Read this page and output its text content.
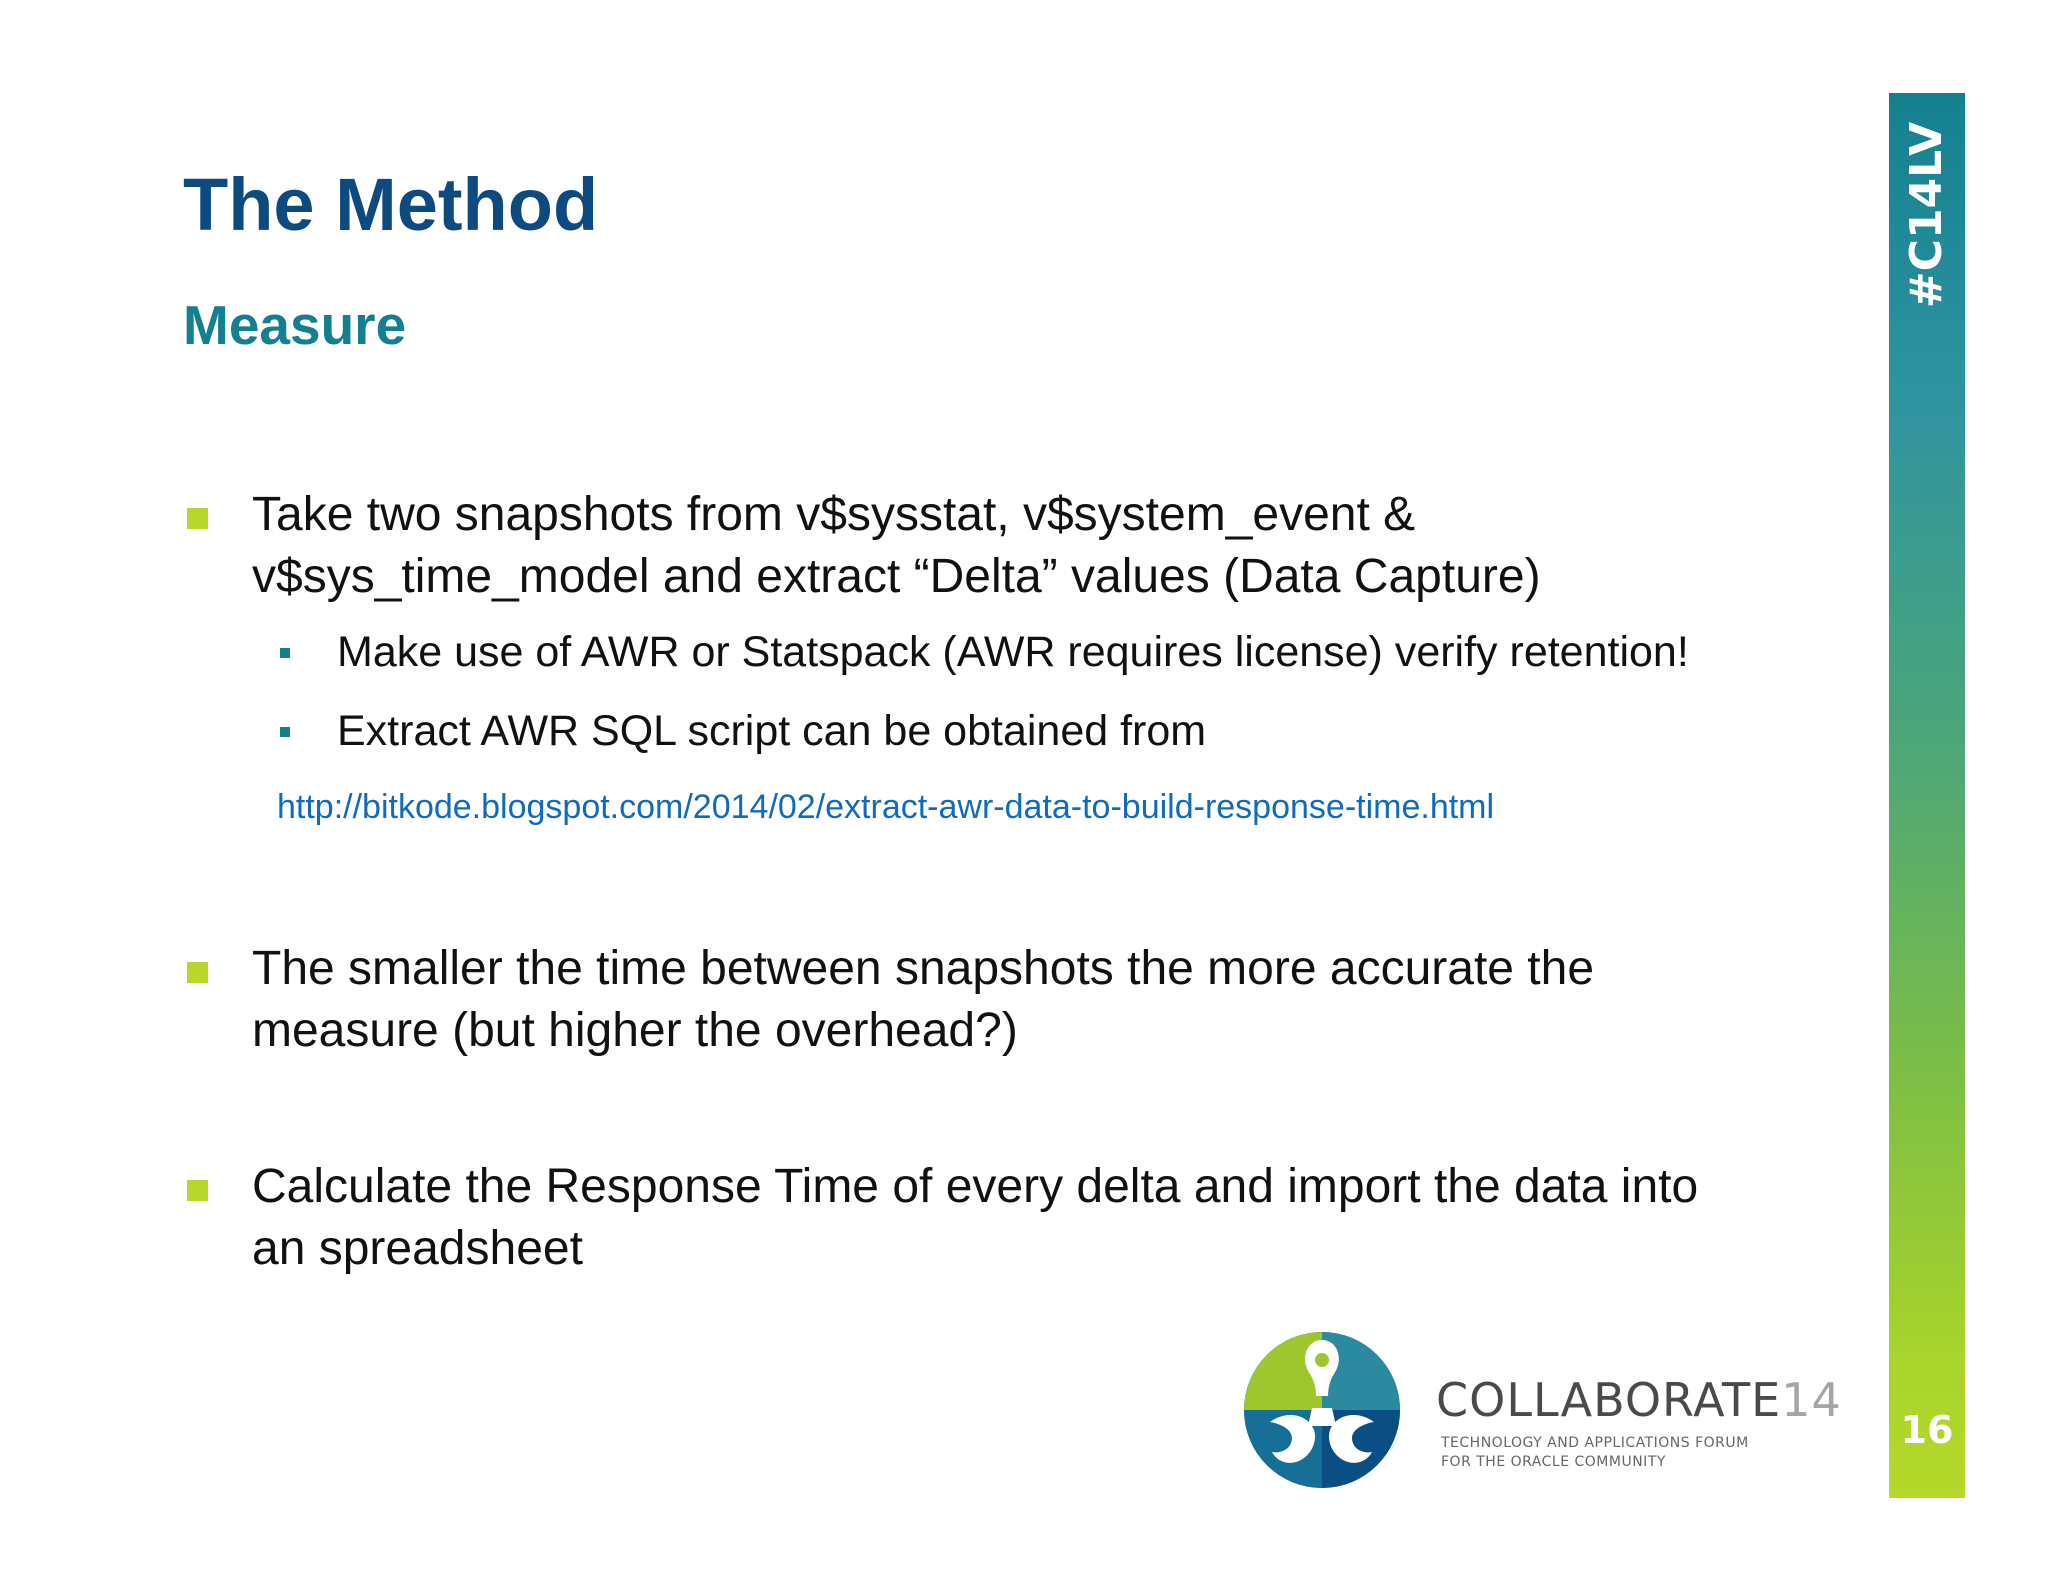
The Method
Measure
Take two snapshots from v$sysstat, v$system_event &
v$sys_time_model and extract “Delta” values (Data Capture)
Make use of AWR or Statspack (AWR requires license) verify retention!
Extract AWR SQL script can be obtained from
http://bitkode.blogspot.com/2014/02/extract-awr-data-to-build-response-time.html
The smaller the time between snapshots the more accurate the
measure (but higher the overhead?)
Calculate the Response Time of every delta and import the data into
an spreadsheet
#C14LV
16
COLLABORATE14
TECHNOLOGY AND APPLICATIONS FORUM
FOR THE ORACLE COMMUNITY
